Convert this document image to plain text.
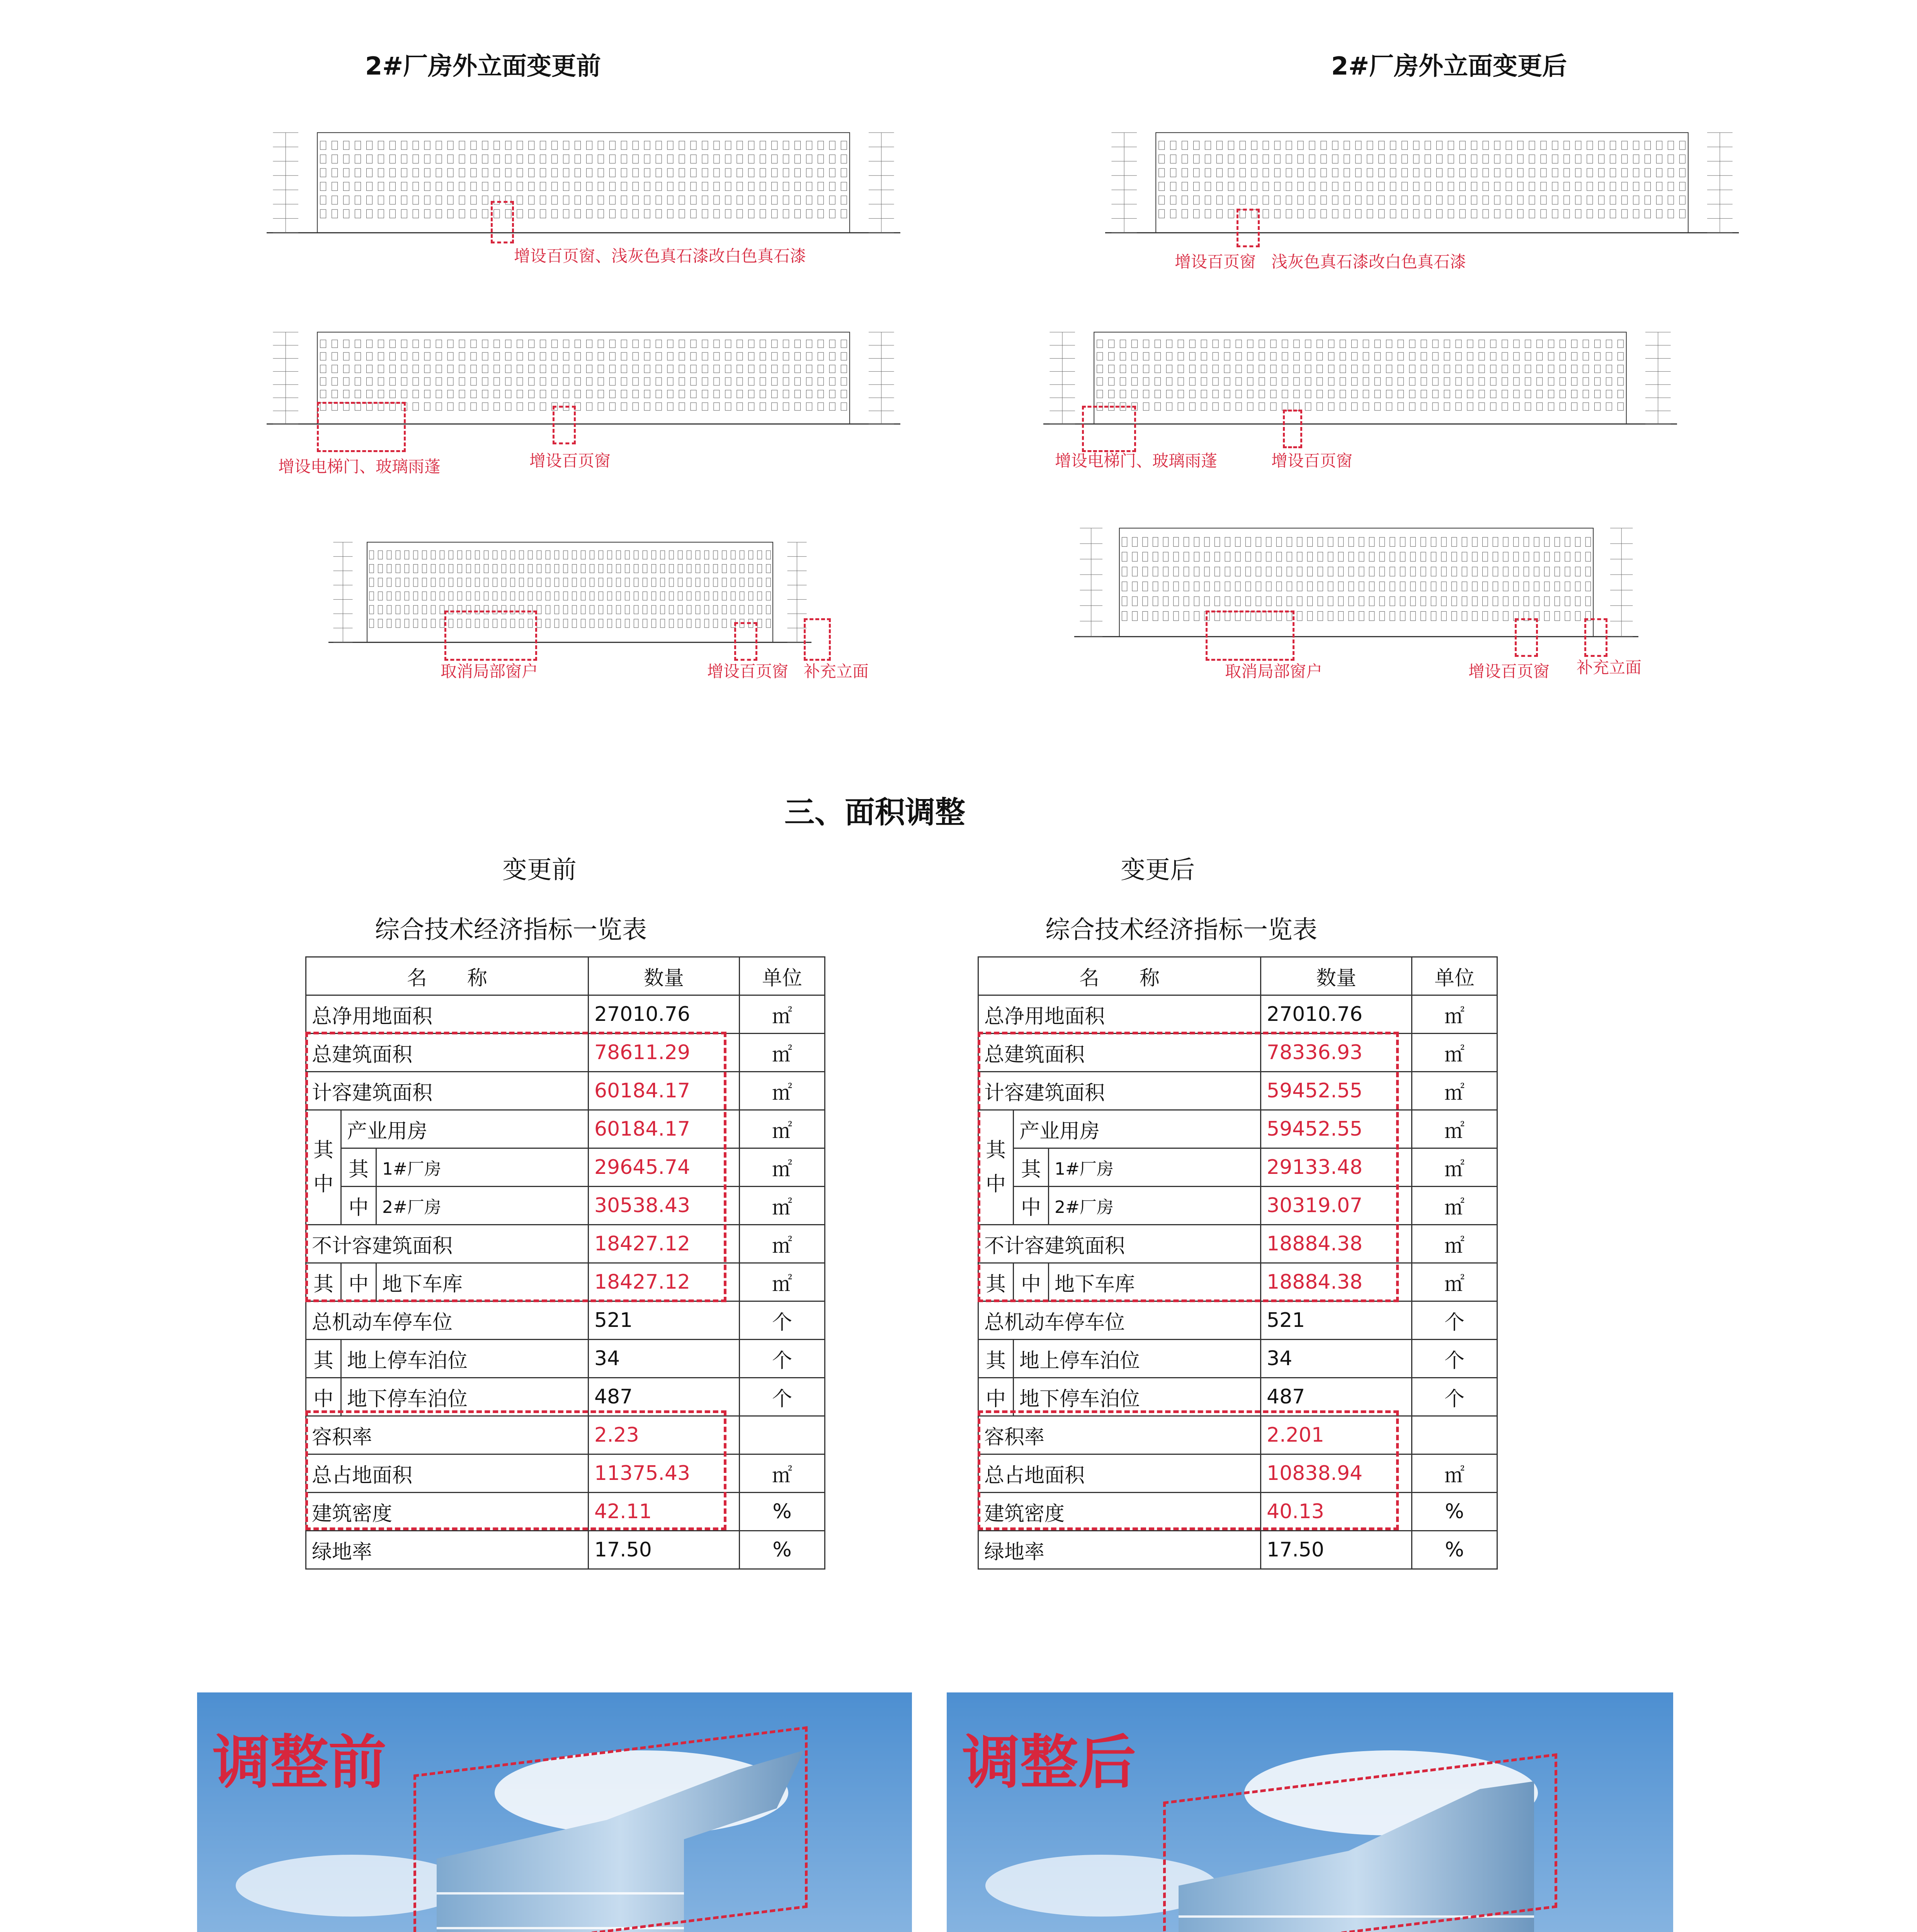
2#厂房外立面变更前	2#厂房外立面变更后
增设百页窗、浅灰色真石漆改白色真石漆
增设电梯门、玻璃雨蓬	增设百页窗
取消局部窗户	增设百页窗 补充立面
增设百页窗 浅灰色真石漆改白色真石漆
增设电梯门、玻璃雨蓬	增设百页窗
取消局部窗户	增设百页窗 补充立面
三、面积调整
变更前	变更后
综合技术经济指标一览表	综合技术经济指标一览表
名　　称			数量	单位
总净用地面积			27010.76	㎡
总建筑面积			78611.29	㎡
计容建筑面积			60184.17	㎡
其
中	产业用房		60184.17	㎡
	其	1#厂房	29645.74	㎡
	中	2#厂房	30538.43	㎡
不计容建筑面积			18427.12	㎡
其	中	地下车库	18427.12	㎡
总机动车停车位			521	个
其	地上停车泊位		34	个
中	地下停车泊位		487	个
容积率			2.23	
总占地面积			11375.43	㎡
建筑密度			42.11	%
绿地率			17.50	%
名　　称			数量	单位
总净用地面积			27010.76	㎡
总建筑面积			78336.93	㎡
计容建筑面积			59452.55	㎡
其
中	产业用房		59452.55	㎡
	其	1#厂房	29133.48	㎡
	中	2#厂房	30319.07	㎡
不计容建筑面积			18884.38	㎡
其	中	地下车库	18884.38	㎡
总机动车停车位			521	个
其	地上停车泊位		34	个
中	地下停车泊位		487	个
容积率			2.201	
总占地面积			10838.94	㎡
建筑密度			40.13	%
绿地率			17.50	%
调整前	调整后
